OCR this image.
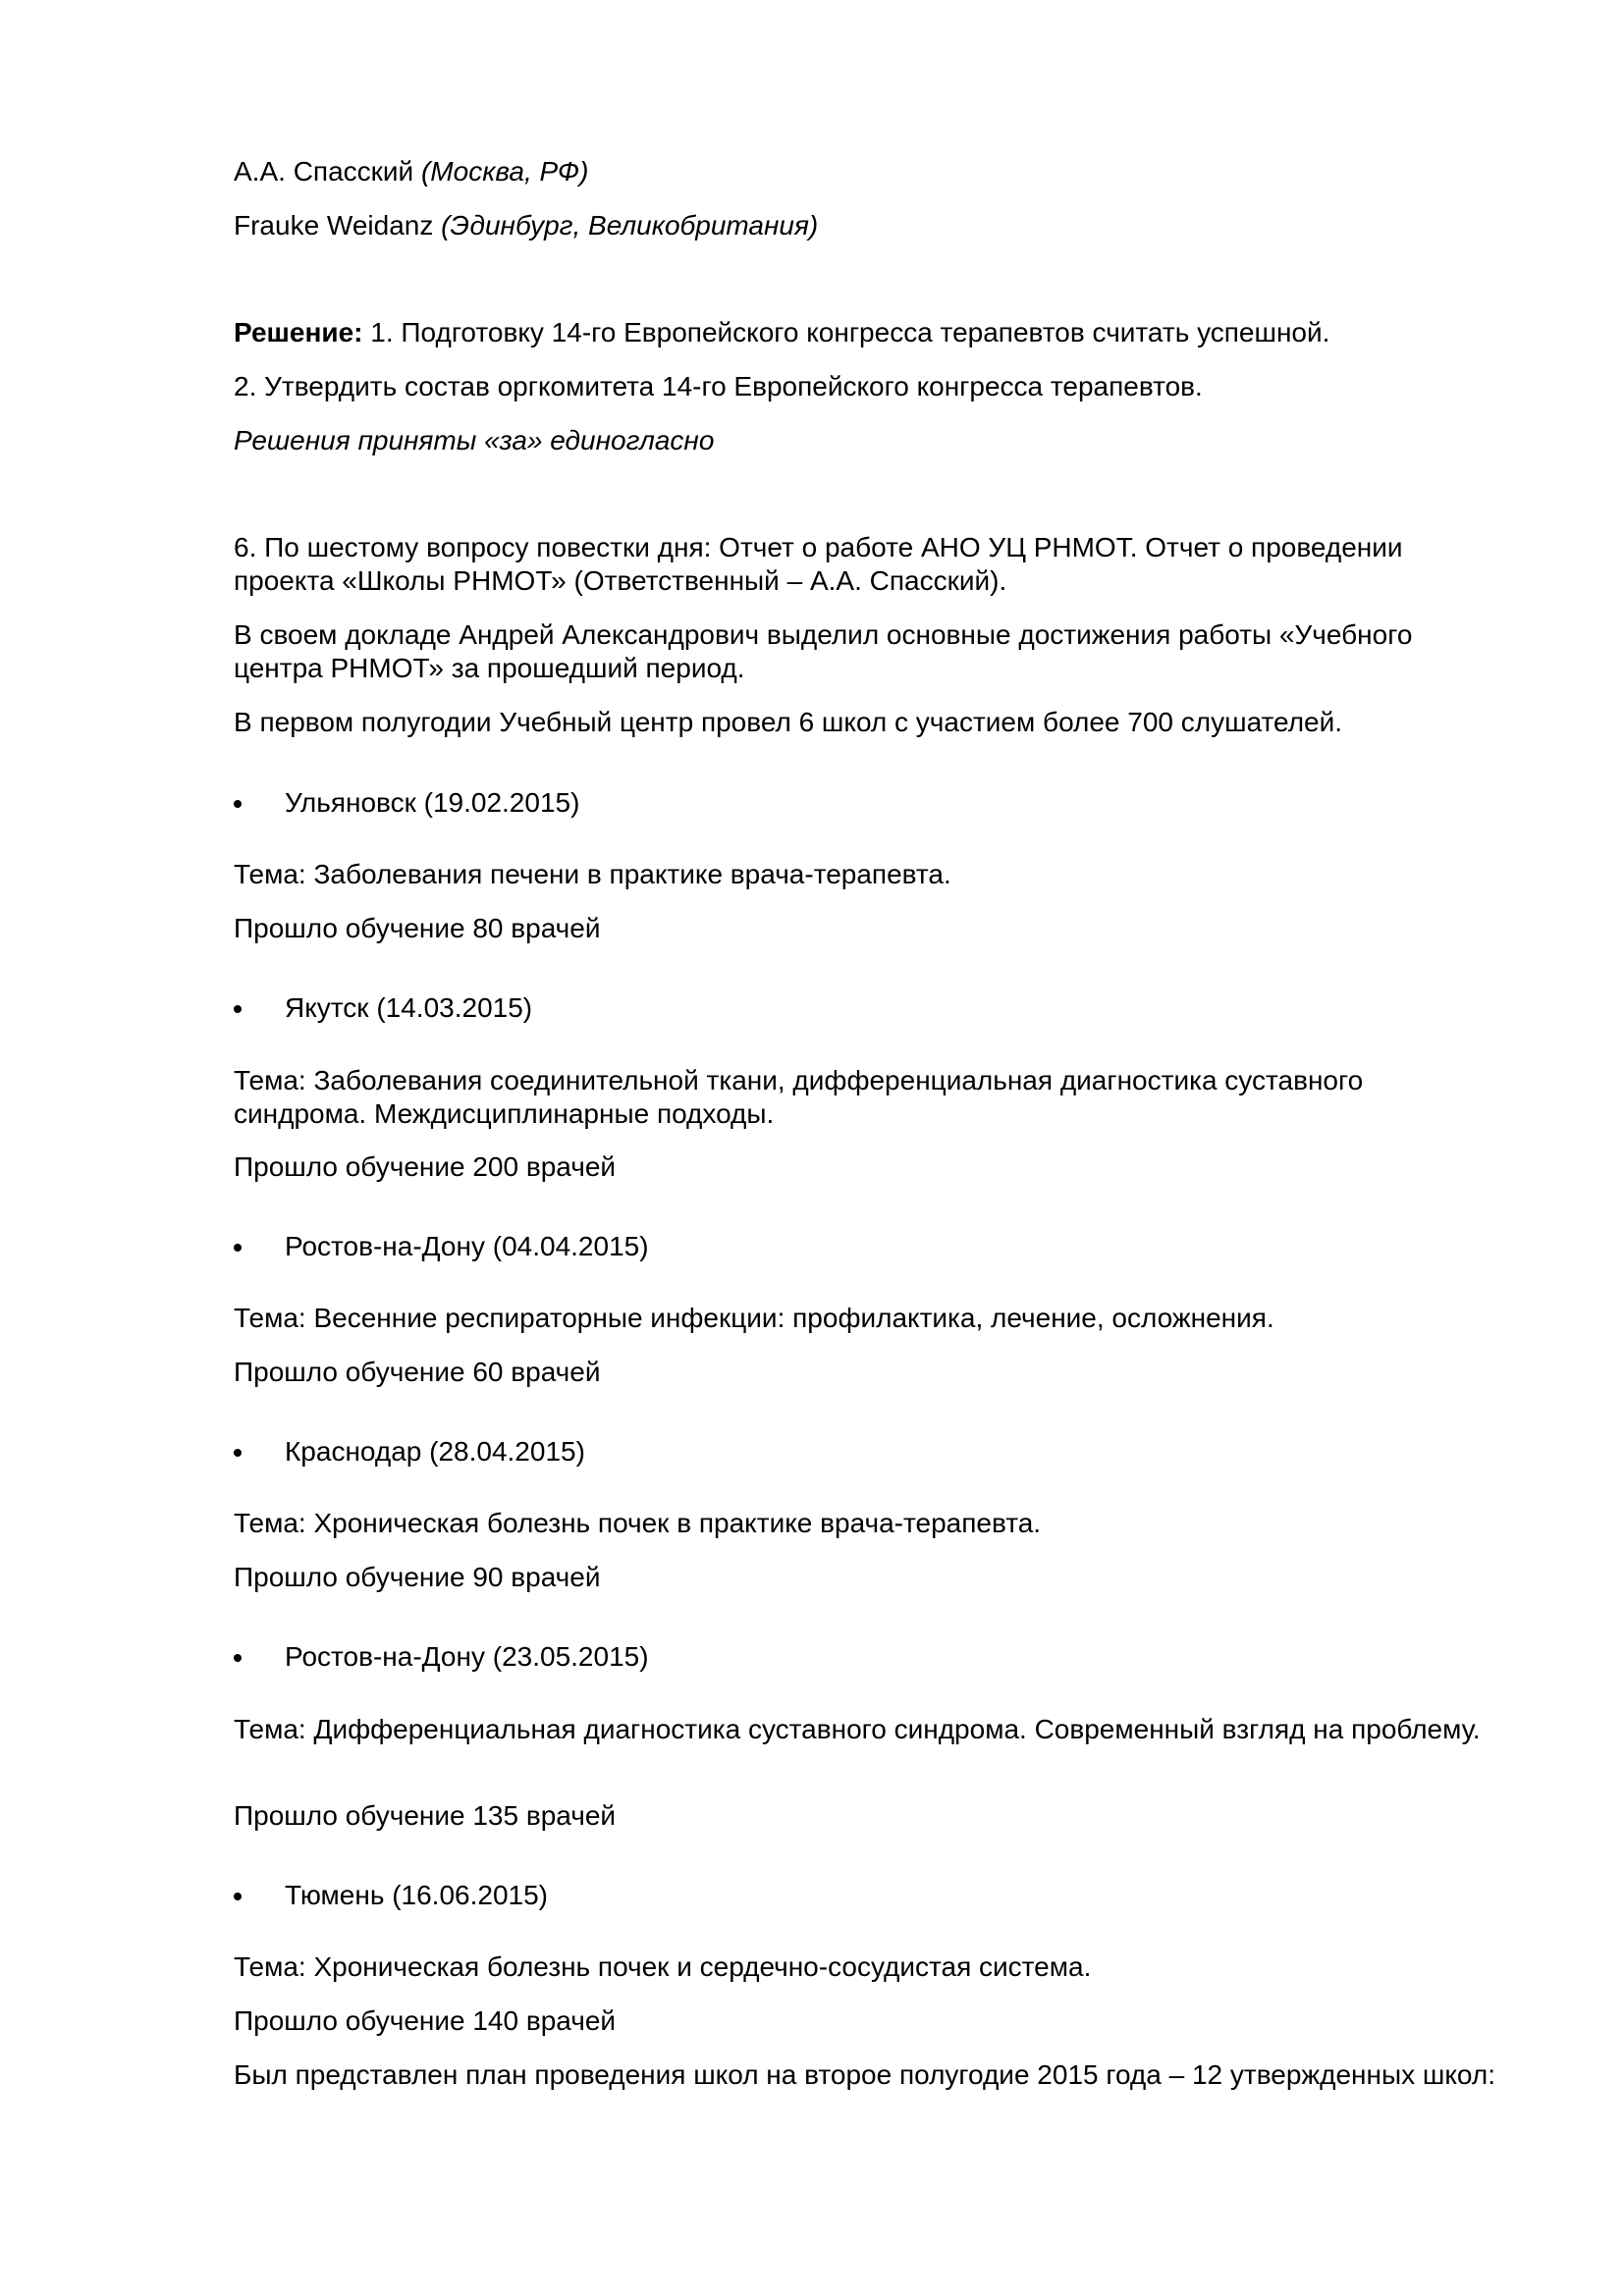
А.А. Спасский (Москва, РФ)

Frauke Weidanz (Эдинбург, Великобритания)

Решение: 1. Подготовку 14-го Европейского конгресса терапевтов считать успешной.

2. Утвердить состав оргкомитета 14-го Европейского конгресса терапевтов.

Решения приняты «за» единогласно

6. По шестому вопросу повестки дня: Отчет о работе АНО УЦ РНМОТ. Отчет о проведении проекта «Школы РНМОТ» (Ответственный – А.А. Спасский).

В своем докладе Андрей Александрович выделил основные достижения работы «Учебного центра РНМОТ» за прошедший период.

В первом полугодии Учебный центр провел 6 школ с участием более 700 слушателей.

Ульяновск (19.02.2015)

Тема: Заболевания печени в практике врача-терапевта.

Прошло обучение 80 врачей

Якутск (14.03.2015)

Тема: Заболевания соединительной ткани, дифференциальная диагностика суставного синдрома. Междисциплинарные подходы.

Прошло обучение 200 врачей

Ростов-на-Дону (04.04.2015)

Тема: Весенние респираторные инфекции: профилактика, лечение, осложнения.

Прошло обучение 60 врачей

Краснодар (28.04.2015)

Тема: Хроническая болезнь почек в практике врача-терапевта.

Прошло обучение 90 врачей

Ростов-на-Дону (23.05.2015)

Тема: Дифференциальная диагностика суставного синдрома. Современный взгляд на проблему.

Прошло обучение 135 врачей

Тюмень (16.06.2015)

Тема: Хроническая болезнь почек и сердечно-сосудистая система.

Прошло обучение 140 врачей

Был представлен план проведения школ на второе полугодие 2015 года – 12 утвержденных школ:
